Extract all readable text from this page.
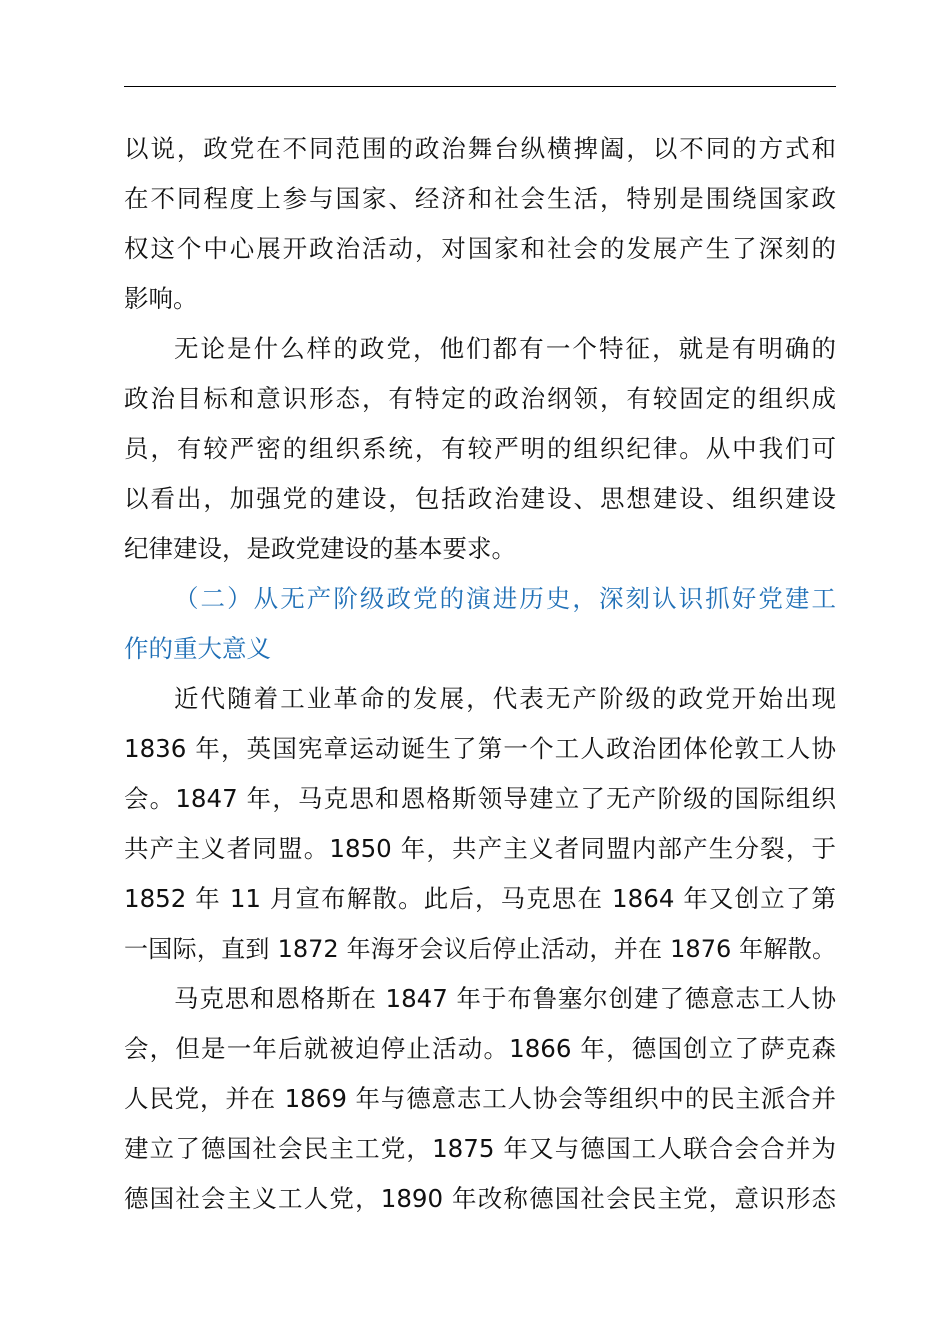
以说，政党在不同范围的政治舞台纵横捭阖，以不同的方式和
在不同程度上参与国家、经济和社会生活，特别是围绕国家政
权这个中心展开政治活动，对国家和社会的发展产生了深刻的
影响。
无论是什么样的政党，他们都有一个特征，就是有明确的
政治目标和意识形态，有特定的政治纲领，有较固定的组织成
员，有较严密的组织系统，有较严明的组织纪律。从中我们可
以看出，加强党的建设，包括政治建设、思想建设、组织建设
纪律建设，是政党建设的基本要求。
（二）从无产阶级政党的演进历史，深刻认识抓好党建工
作的重大意义
近代随着工业革命的发展，代表无产阶级的政党开始出现
1836 年，英国宪章运动诞生了第一个工人政治团体伦敦工人协
会。1847 年，马克思和恩格斯领导建立了无产阶级的国际组织
共产主义者同盟。1850 年，共产主义者同盟内部产生分裂，于
1852 年 11 月宣布解散。此后，马克思在 1864 年又创立了第
一国际，直到 1872 年海牙会议后停止活动，并在 1876 年解散。
马克思和恩格斯在 1847 年于布鲁塞尔创建了德意志工人协
会，但是一年后就被迫停止活动。1866 年，德国创立了萨克森
人民党，并在 1869 年与德意志工人协会等组织中的民主派合并
建立了德国社会民主工党，1875 年又与德国工人联合会合并为
德国社会主义工人党，1890 年改称德国社会民主党，意识形态
